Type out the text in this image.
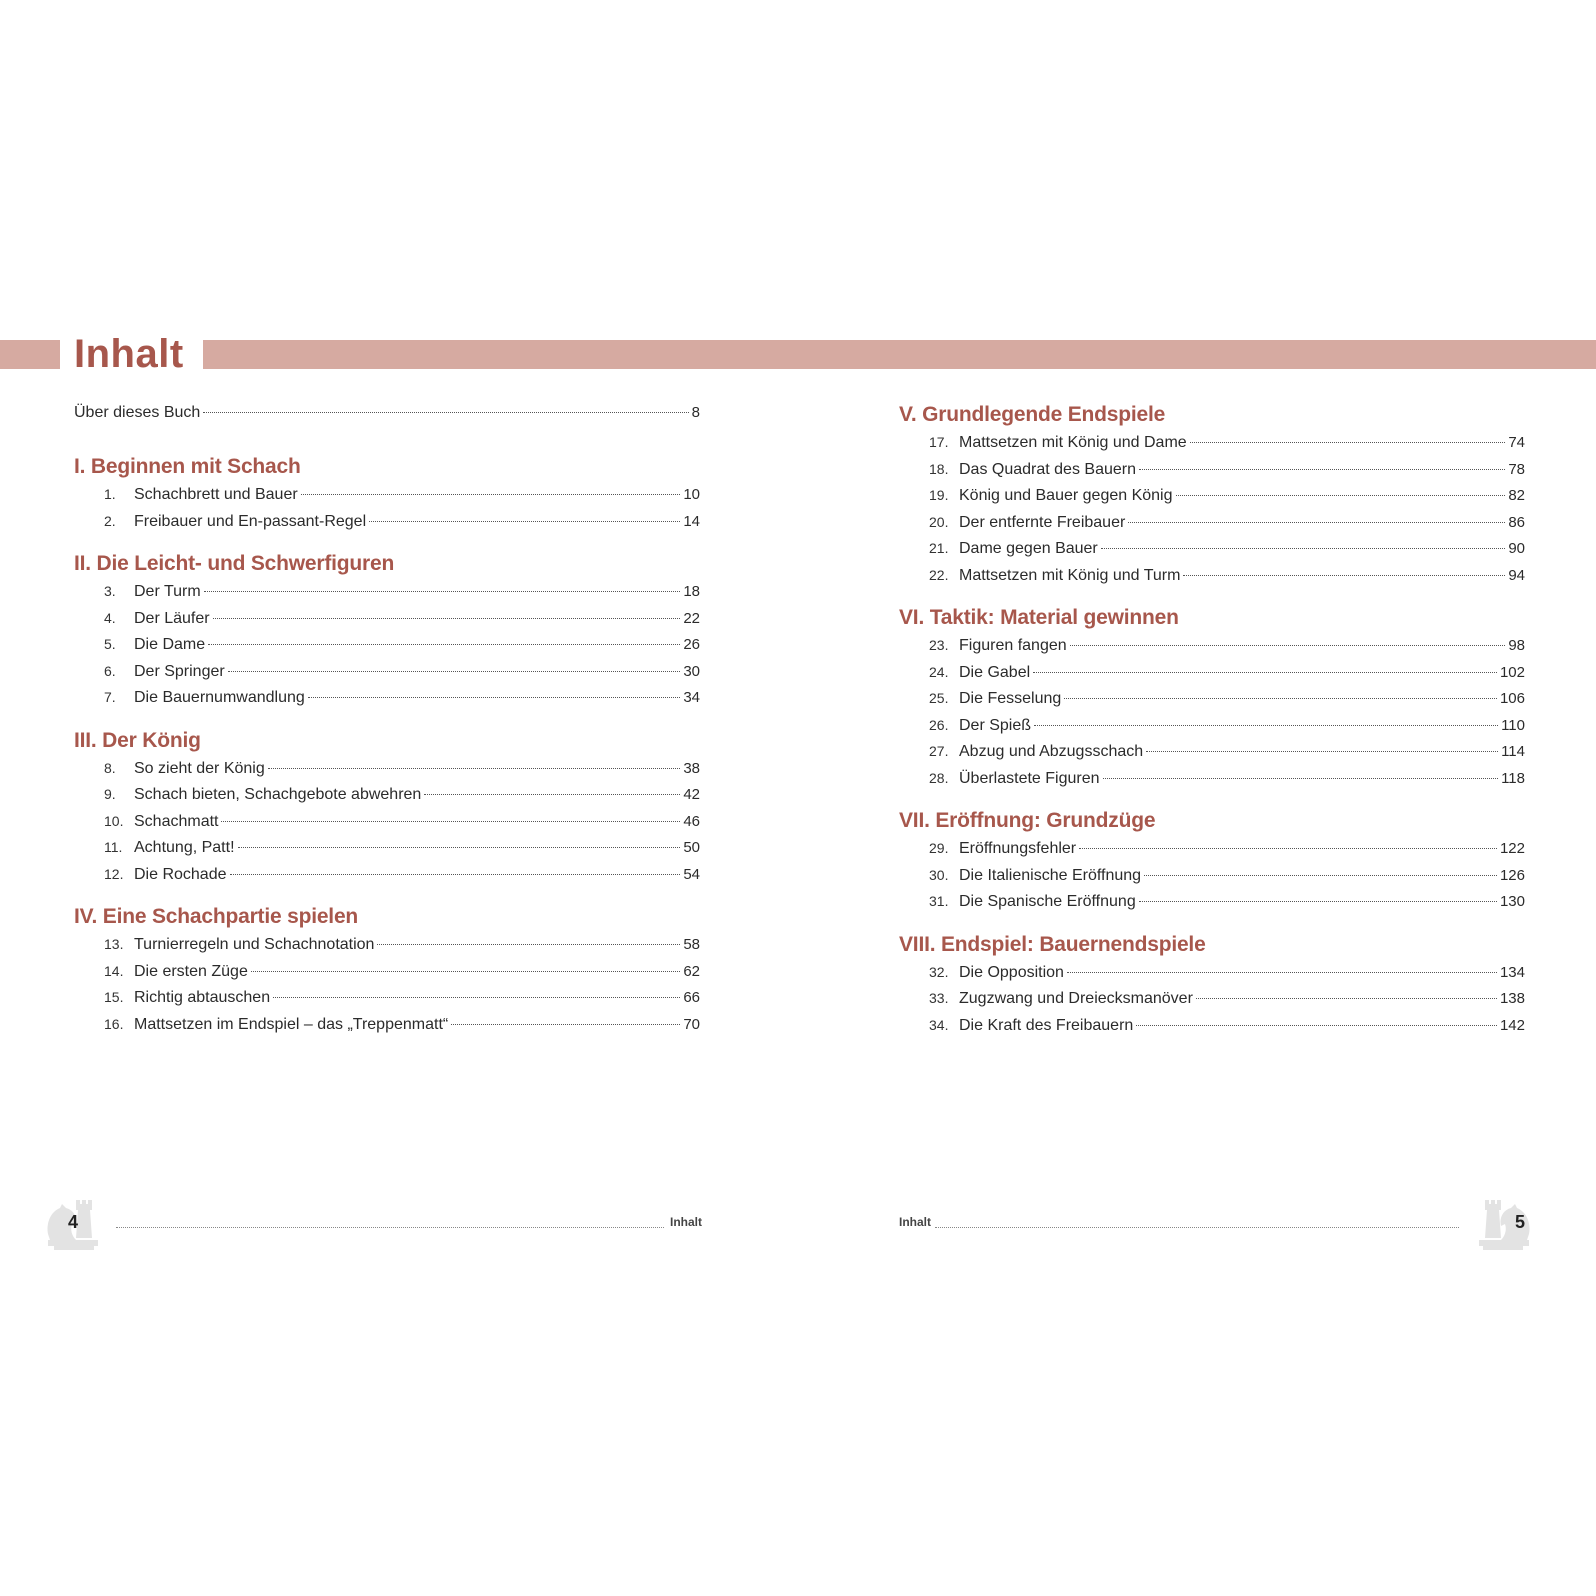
Inhalt
Über dieses Buch	8
I. Beginnen mit Schach
1.	Schachbrett und Bauer	10
2.	Freibauer und En-passant-Regel	14
II. Die Leicht- und Schwerfiguren
3.	Der Turm	18
4.	Der Läufer	22
5.	Die Dame	26
6.	Der Springer	30
7.	Die Bauernumwandlung	34
III. Der König
8.	So zieht der König	38
9.	Schach bieten, Schachgebote abwehren	42
10. Schachmatt	46
11. Achtung, Patt!	50
12. Die Rochade	54
IV. Eine Schachpartie spielen
13. Turnierregeln und Schachnotation	58
14. Die ersten Züge	62
15. Richtig abtauschen	66
16. Mattsetzen im Endspiel – das „Treppenmatt“	70
V. Grundlegende Endspiele
17. Mattsetzen mit König und Dame	74
18. Das Quadrat des Bauern	78
19. König und Bauer gegen König	82
20. Der entfernte Freibauer	86
21. Dame gegen Bauer	90
22. Mattsetzen mit König und Turm	94
VI. Taktik: Material gewinnen
23. Figuren fangen	98
24. Die Gabel	102
25. Die Fesselung	106
26. Der Spieß	110
27. Abzug und Abzugsschach	114
28. Überlastete Figuren	118
VII. Eröffnung: Grundzüge
29. Eröffnungsfehler	122
30. Die Italienische Eröffnung	126
31. Die Spanische Eröffnung	130
VIII. Endspiel: Bauernendspiele
32. Die Opposition	134
33. Zugzwang und Dreiecksmanöver	138
34. Die Kraft des Freibauern	142
4	Inhalt	Inhalt	5
